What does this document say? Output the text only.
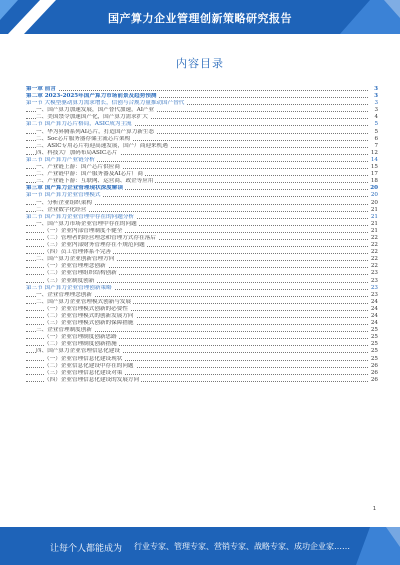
国产算力企业管理创新策略研究报告
内容目录
第一章 前言	3
第二章 2023-2025年国产算力市场前景及趋势预测	3
第一节 大模型驱动算力需求增长，信创与合规力量推动国产替代	3
一、国产算力加速发展，国产替代加速，AI产业	3
二、美国禁令加速国产化，国产算力需求扩大	4
第二节 国产算力芯片格局，ASIC成为主流	5
一、华为昇腾系列AI芯片，打造国产算力新生态	5
二、Soc芯片服务器存储主流芯片架构	6
三、ASIC专用芯片将迎高速发展，国产厂商迎来机遇	7
四、科技大厂加码布局ASIC芯片	12
第三节 国产算力产业链分析	14
一、产业链上游：国产芯片供应商	15
二、产业链中游：国产服务器及AI芯片厂商	17
三、产业链下游：互联网、运营商、政企等应用	18
第三章 国产算力企业管理现状深度解读	20
第一节 国产算力企业管理模式	20
一、分析企业组织架构	20
二、企业数字化经营	21
第二节 国产算力企业管理中存在的问题分析	21
一、国产算力市场企业管理中存在的问题	21
（一）企业内部管理制度不健全	21
（二）管理者的经营理念和管理方式存在落后	22
（三）企业内部财务管理存在不规范问题	22
（四）员工管理体系不完善	22
二、国产算力企业创新管理方向	22
（一）企业管理理念创新	22
（二）企业管理组织结构创新	23
（三）企业制度创新	23
第三节 国产算力企业管理创新策略	23
一、企业管理理念创新	23
二、国产算力企业管理模式创新与发展	24
（一）企业管理模式创新的必要性	24
（二）企业管理模式的创新发展方向	24
（三）企业管理模式创新的保障措施	24
三、企业管理制度创新	25
（一）企业管理制度创新思路	25
（二）企业管理制度创新措施	25
四、国产算力企业管理信息化建设	25
（一）企业管理信息化建设现状	25
（二）企业信息化建设中存在的问题	26
（三）企业管理信息化建设对策	26
（四）企业管理信息化建设的发展方向	26
1
让每个人都能成为 行业专家、管理专家、营销专家、战略专家、成功企业家……
